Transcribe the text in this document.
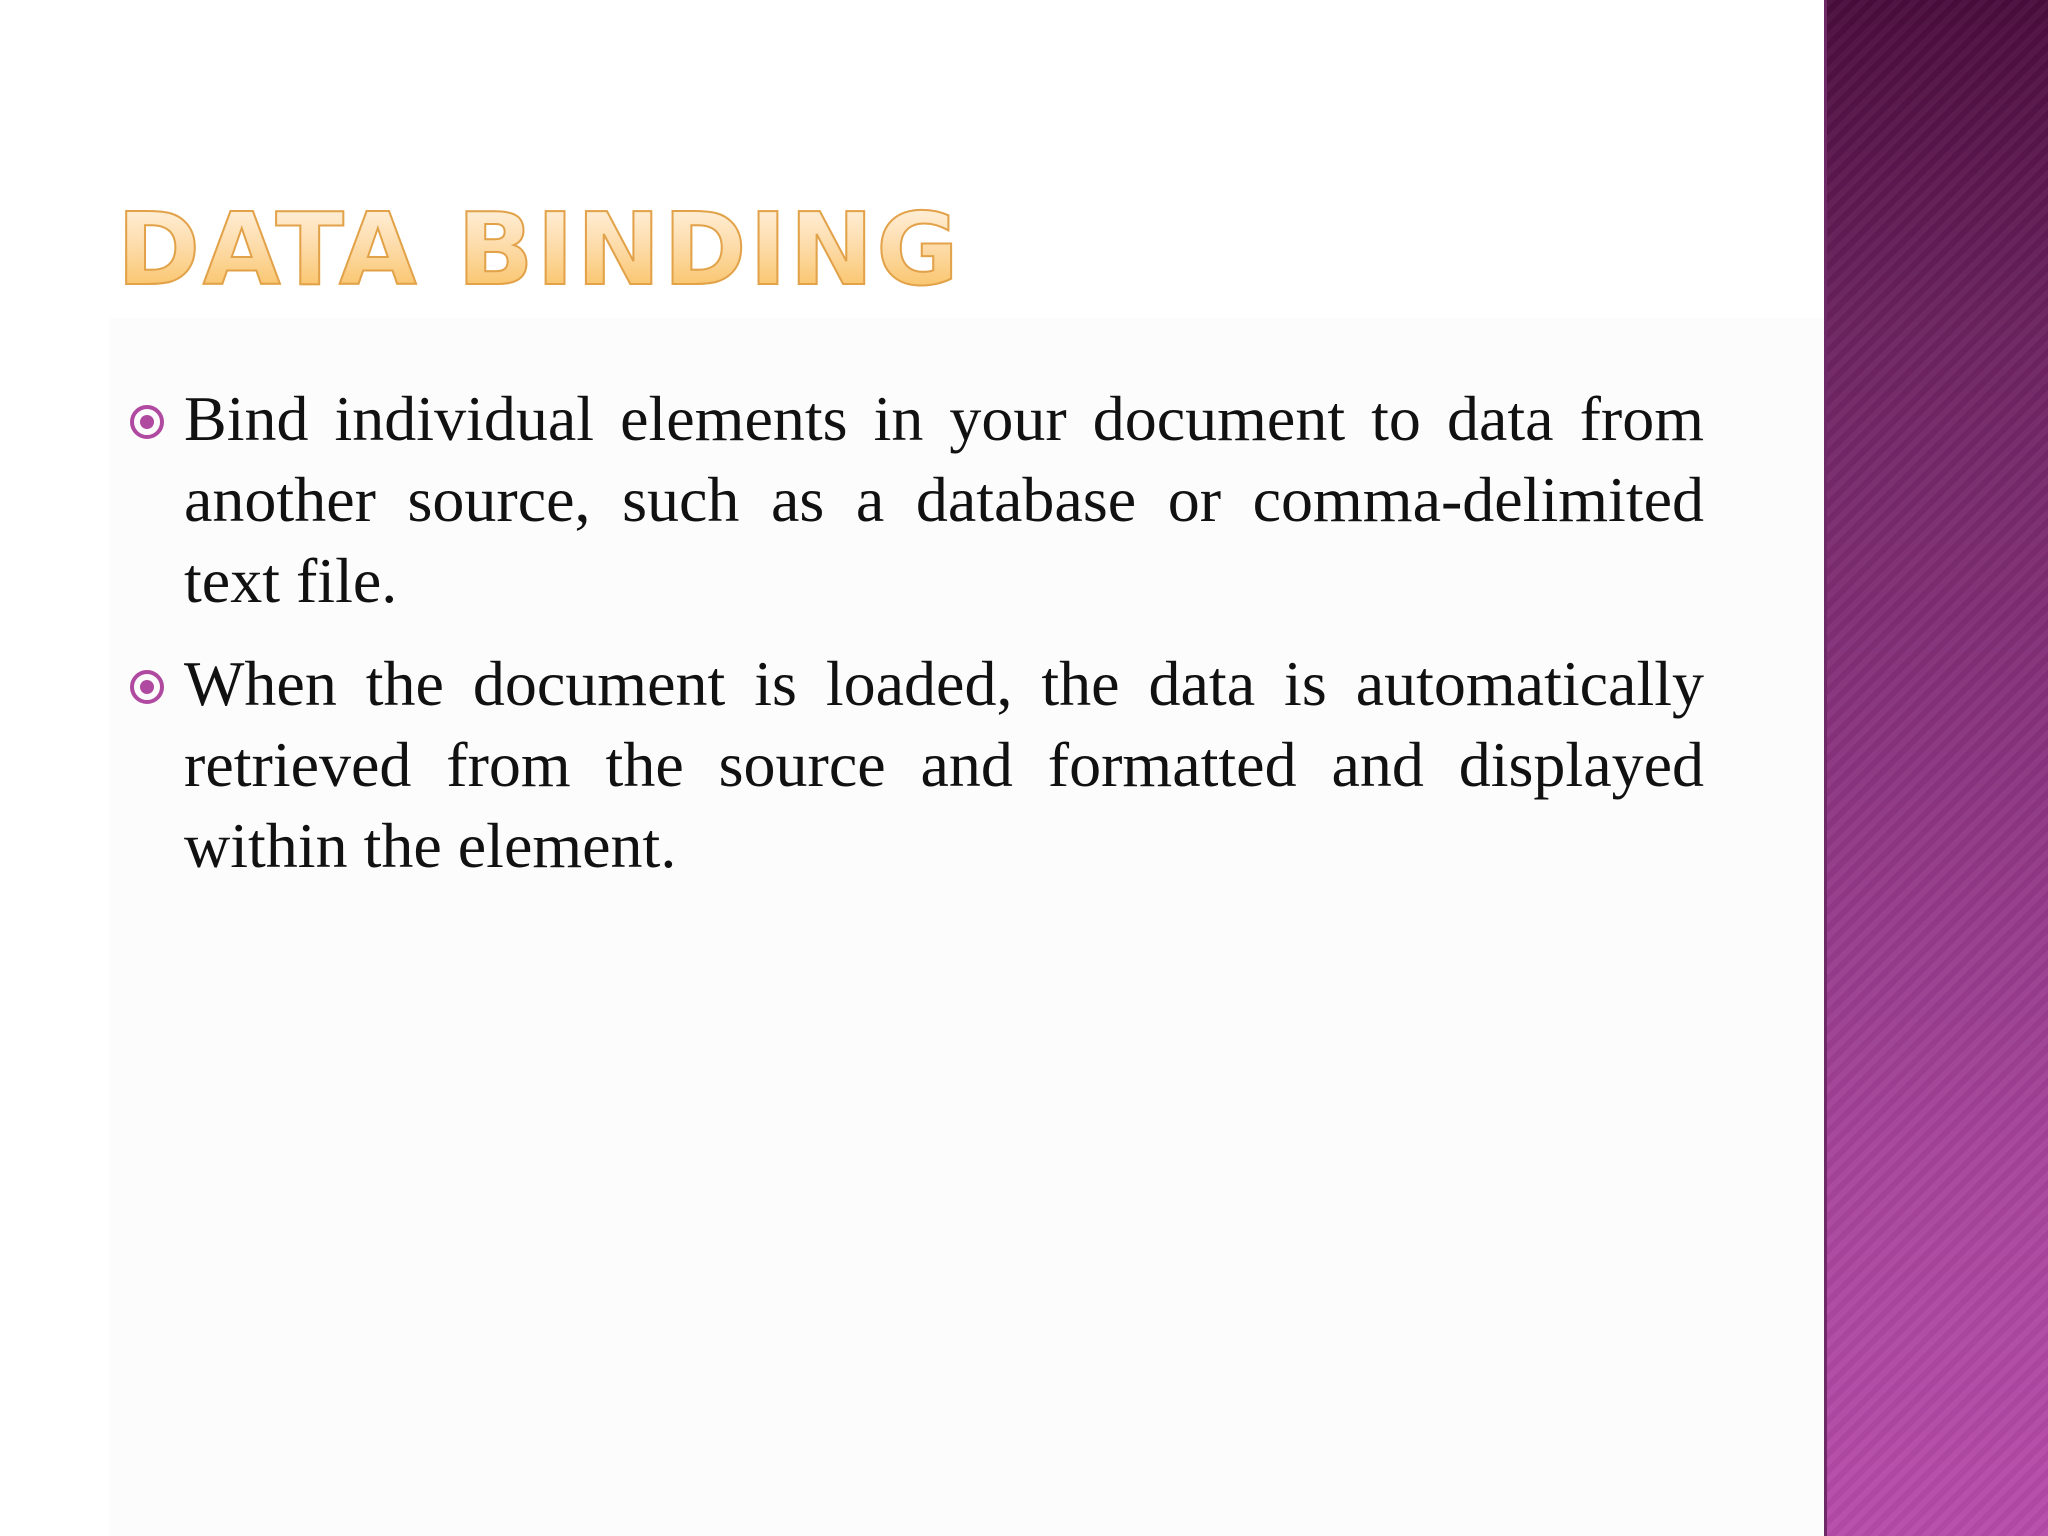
DATA BINDING
Bind individual elements in your document to data from another source, such as a database or comma-delimited text file.
When the document is loaded, the data is automatically retrieved from the source and formatted and displayed within the element.
